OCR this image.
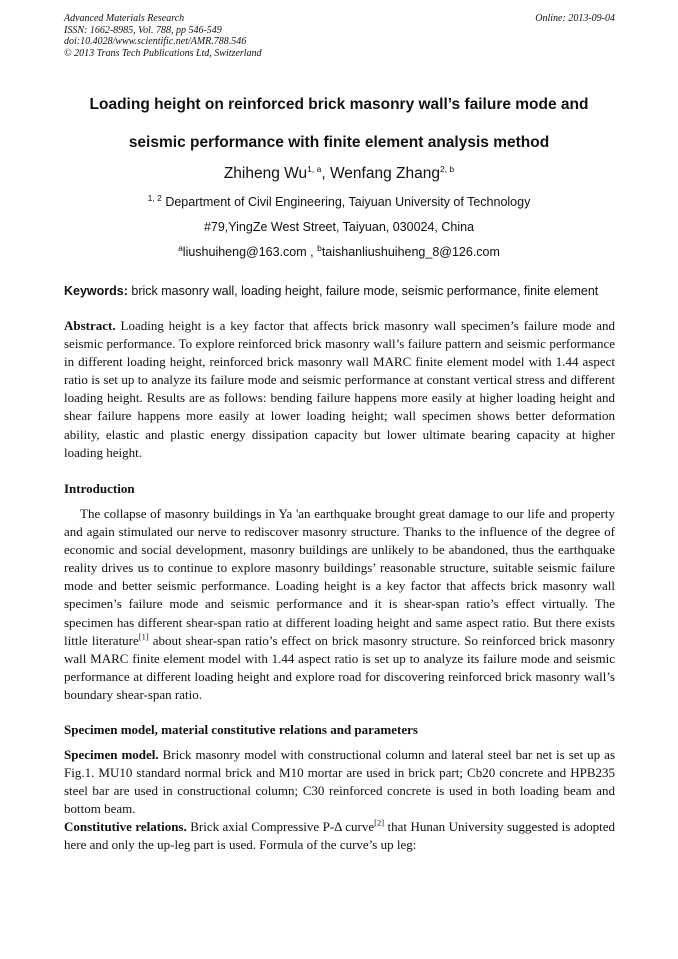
Advanced Materials Research
ISSN: 1662-8985, Vol. 788, pp 546-549
doi:10.4028/www.scientific.net/AMR.788.546
© 2013 Trans Tech Publications Ltd, Switzerland
Online: 2013-09-04
Loading height on reinforced brick masonry wall’s failure mode and
seismic performance with finite element analysis method
Zhiheng Wu$^{1, a}$, Wenfang Zhang$^{2, b}$
$^{1, 2}$ Department of Civil Engineering, Taiyuan University of Technology
#79,YingZe West Street, Taiyuan, 030024, China
$^a$liushuiheng@163.com , $^b$taishanliushuiheng_8@126.com
Keywords: brick masonry wall, loading height, failure mode, seismic performance, finite element
Abstract. Loading height is a key factor that affects brick masonry wall specimen’s failure mode and seismic performance. To explore reinforced brick masonry wall’s failure pattern and seismic performance in different loading height, reinforced brick masonry wall MARC finite element model with 1.44 aspect ratio is set up to analyze its failure mode and seismic performance at constant vertical stress and different loading height. Results are as follows: bending failure happens more easily at higher loading height and shear failure happens more easily at lower loading height; wall specimen shows better deformation ability, elastic and plastic energy dissipation capacity but lower ultimate bearing capacity at higher loading height.
Introduction
The collapse of masonry buildings in Ya 'an earthquake brought great damage to our life and property and again stimulated our nerve to rediscover masonry structure. Thanks to the influence of the degree of economic and social development, masonry buildings are unlikely to be abandoned, thus the earthquake reality drives us to continue to explore masonry buildings’ reasonable structure, suitable seismic failure mode and better seismic performance. Loading height is a key factor that affects brick masonry wall specimen’s failure mode and seismic performance and it is shear-span ratio’s effect virtually. The specimen has different shear-span ratio at different loading height and same aspect ratio. But there exists little literature[1] about shear-span ratio’s effect on brick masonry structure. So reinforced brick masonry wall MARC finite element model with 1.44 aspect ratio is set up to analyze its failure mode and seismic performance at different loading height and explore road for discovering reinforced brick masonry wall’s boundary shear-span ratio.
Specimen model, material constitutive relations and parameters
Specimen model. Brick masonry model with constructional column and lateral steel bar net is set up as Fig.1. MU10 standard normal brick and M10 mortar are used in brick part; Cb20 concrete and HPB235 steel bar are used in constructional column; C30 reinforced concrete is used in both loading beam and bottom beam.
Constitutive relations. Brick axial Compressive P-Δ curve[2] that Hunan University suggested is adopted here and only the up-leg part is used. Formula of the curve’s up leg:
